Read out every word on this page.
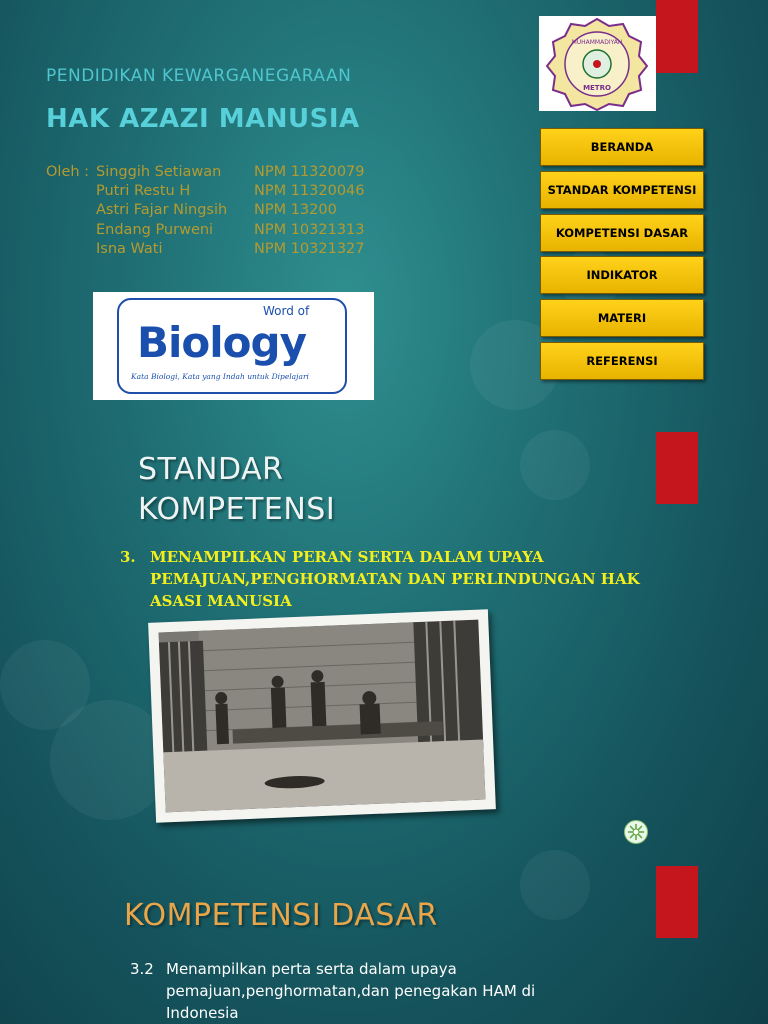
PENDIDIKAN KEWARGANEGARAAN
HAK AZAZI MANUSIA
Oleh : Singgih Setiawan	NPM 11320079
Putri Restu H	NPM 11320046
Astri Fajar Ningsih	NPM 13200
Endang Purweni	NPM 10321313
Isna Wati	NPM 10321327
Word of
Biology
Kata Biologi, Kata yang Indah untuk Dipelajari
MUHAMMADIYAH
METRO
BERANDA
STANDAR KOMPETENSI
KOMPETENSI DASAR
INDIKATOR
MATERI
REFERENSI
STANDAR
KOMPETENSI
3. MENAMPILKAN PERAN SERTA DALAM UPAYA PEMAJUAN,PENGHORMATAN DAN PERLINDUNGAN HAK ASASI MANUSIA
KOMPETENSI DASAR
3.2 Menampilkan perta serta dalam upaya pemajuan,penghormatan,dan penegakan HAM di Indonesia
